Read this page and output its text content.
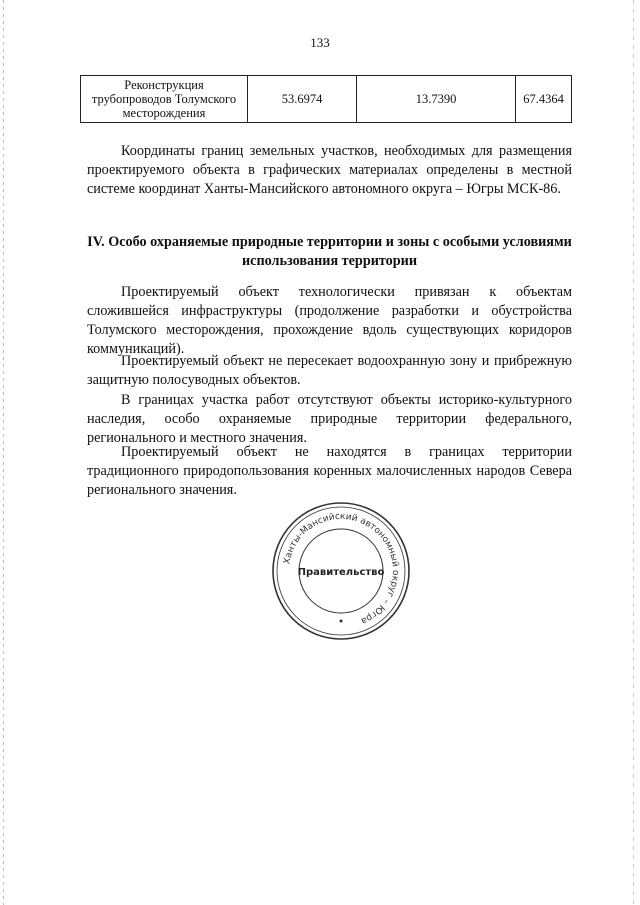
133
Реконструкция трубопроводов Толумского месторождения	53.6974	13.7390	67.4364
Координаты границ земельных участков, необходимых для размещения проектируемого объекта в графических материалах определены в местной системе координат Ханты-Мансийского автономного округа – Югры МСК-86.
IV. Особо охраняемые природные территории и зоны с особыми условиями использования территории
Проектируемый объект технологически привязан к объектам сложившейся инфраструктуры (продолжение разработки и обустройства Толумского месторождения, прохождение вдоль существующих коридоров коммуникаций).
Проектируемый объект не пересекает водоохранную зону и прибрежную защитную полосуводных объектов.
В границах участка работ отсутствуют объекты историко-культурного наследия, особо охраняемые природные территории федерального, регионального и местного значения.
Проектируемый объект не находятся в границах территории традиционного природопользования коренных малочисленных народов Севера регионального значения.
Ханты-Мансийский автономный округ – Югра
Правительство
